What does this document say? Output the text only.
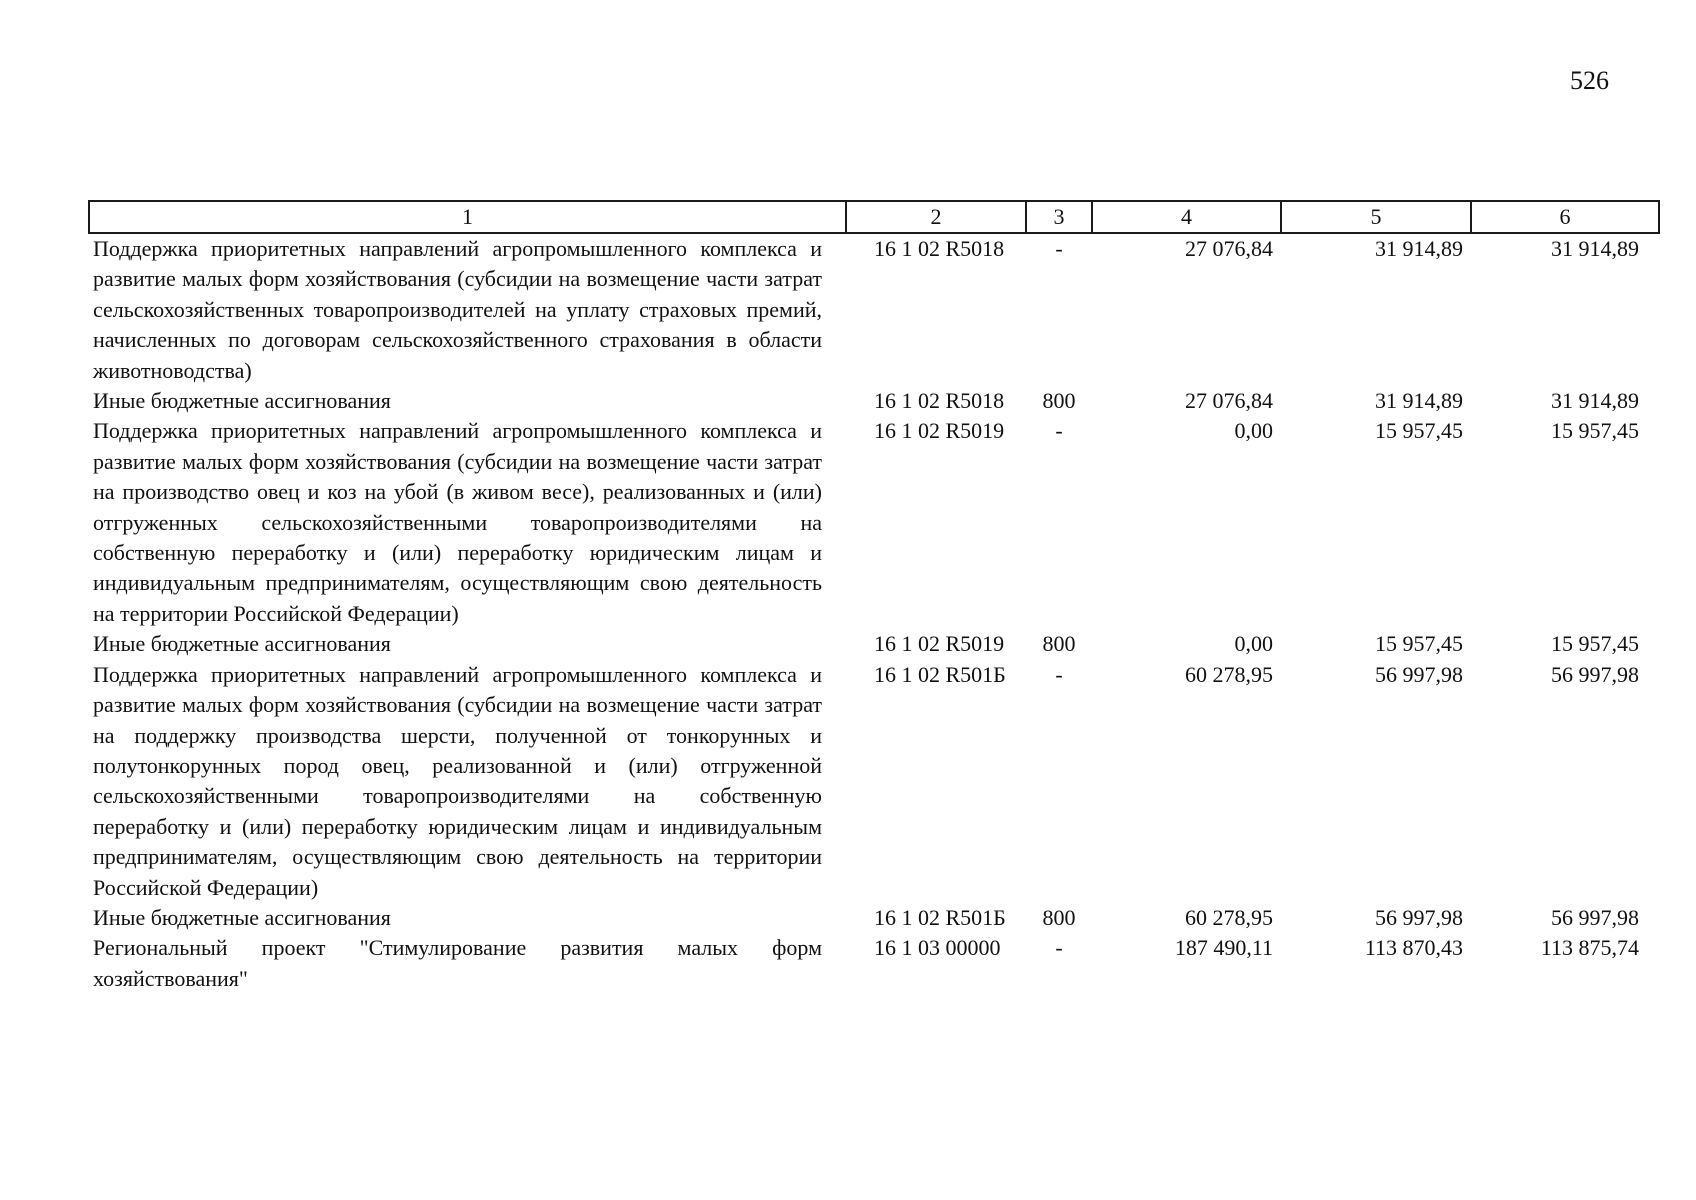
526
1	2	3	4	5	6
Поддержка приоритетных направлений агропромышленного комплекса и развитие малых форм хозяйствования (субсидии на возмещение части затрат сельскохозяйственных товаропроизводителей на уплату страховых премий, начисленных по договорам сельскохозяйственного страхования в области животноводства)	16 1 02 R5018	-	27 076,84	31 914,89	31 914,89
Иные бюджетные ассигнования	16 1 02 R5018	800	27 076,84	31 914,89	31 914,89
Поддержка приоритетных направлений агропромышленного комплекса и развитие малых форм хозяйствования (субсидии на возмещение части затрат на производство овец и коз на убой (в живом весе), реализованных и (или) отгруженных сельскохозяйственными товаропроизводителями на собственную переработку и (или) переработку юридическим лицам и индивидуальным предпринимателям, осуществляющим свою деятельность на территории Российской Федерации)	16 1 02 R5019	-	0,00	15 957,45	15 957,45
Иные бюджетные ассигнования	16 1 02 R5019	800	0,00	15 957,45	15 957,45
Поддержка приоритетных направлений агропромышленного комплекса и развитие малых форм хозяйствования (субсидии на возмещение части затрат на поддержку производства шерсти, полученной от тонкорунных и полутонкорунных пород овец, реализованной и (или) отгруженной сельскохозяйственными товаропроизводителями на собственную переработку и (или) переработку юридическим лицам и индивидуальным предпринимателям, осуществляющим свою деятельность на территории Российской Федерации)	16 1 02 R501Б	-	60 278,95	56 997,98	56 997,98
Иные бюджетные ассигнования	16 1 02 R501Б	800	60 278,95	56 997,98	56 997,98
Региональный проект "Стимулирование развития малых форм хозяйствования"	16 1 03 00000	-	187 490,11	113 870,43	113 875,74
